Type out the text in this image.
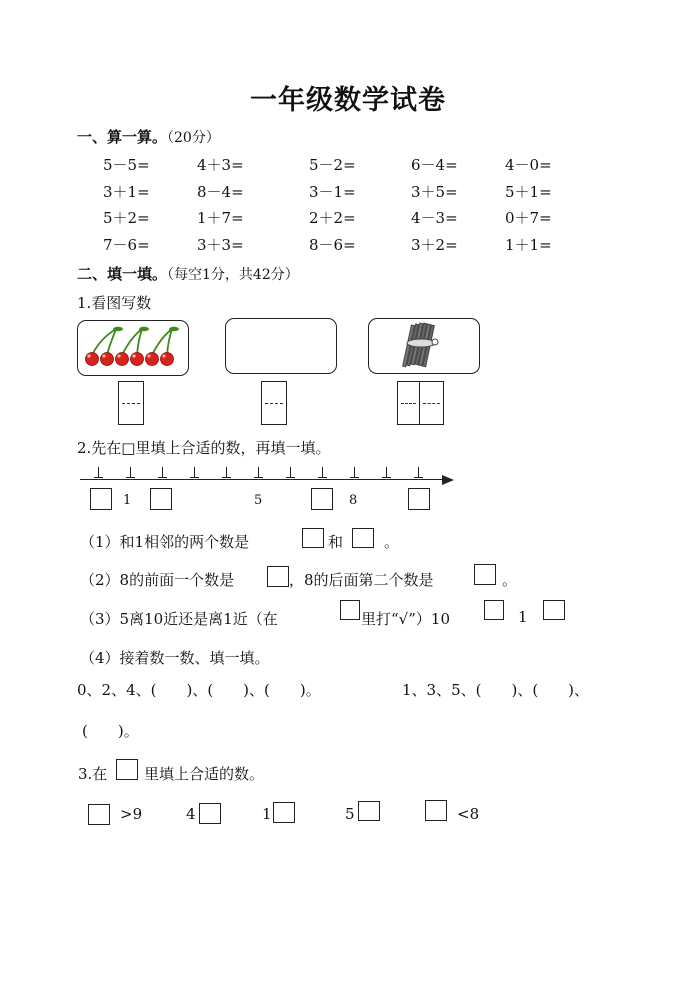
一年级数学试卷
一、算一算。（20分）
5－5=	4＋3=	5－2=	6－4=	4－0=
3＋1=	8－4=	3－1=	3＋5=	5＋1=
5＋2=	1＋7=	2＋2=	4－3=	0＋7=
7－6=	3＋3=	8－6=	3＋2=	1＋1=
二、填一填。（每空1分，共42分）
1.看图写数
2.先在□里填上合适的数，再填一填。
1	5	8
（1）和1相邻的两个数是	和	。
（2）8的前面一个数是	，8的后面第二个数是	。
（3）5离10近还是离1近（在	里打“√”）10	1
（4）接着数一数、填一填。
0、2、4、(　　)、(　　)、(　　)。	1、3、5、(　　)、(　　)、
(　　)。
3.在 里填上合适的数。
>9	4	1	5	<8
